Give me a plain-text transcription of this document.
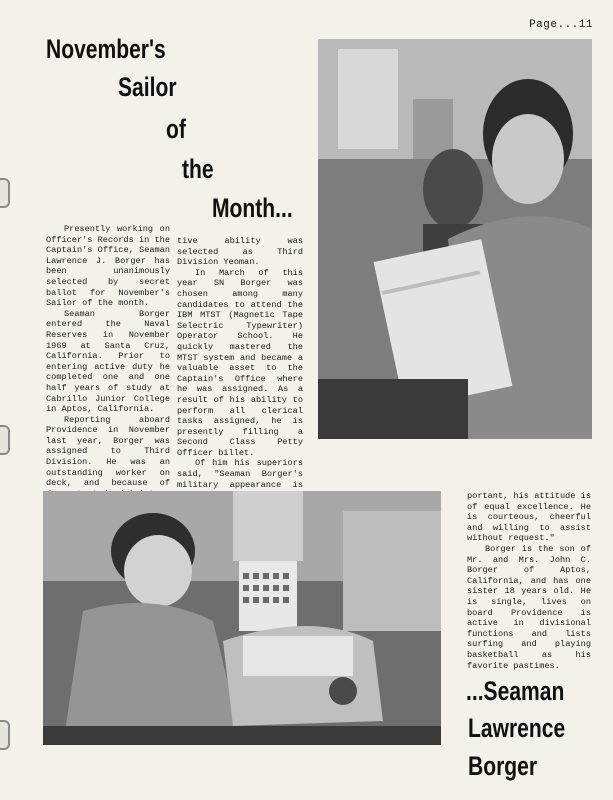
Page...11
November's
Sailor
of
the
Month...

Presently working on Officer's Records in the Captain's Office, Seaman Lawrence J. Borger has been unanimously selected by secret ballot for November's Sailor of the month.

Seaman Borger entered the Naval Reserves in November 1969 at Santa Cruz, California. Prior to entering active duty he completed one and one half years of study at Cabrillo Junior College in Aptos, California.

Reporting aboard Providence in November last year, Borger was assigned to Third Division. He was an outstanding worker on deck, and because of

tive ability was selected as Third Division Yeoman.

In March of this year SN Borger was chosen among many candidates to attend the IBM MTST (Magnetic Tape Selectric Typewriter) Operator School. He quickly mastered the MTST system and became a valuable asset to the Captain's Office where he was assigned. As a result of his ability to perform all clerical tasks assigned, he is presently filling a Second Class Petty Officer billet.

Of him his superiors said, "Seaman Borger's military appearance is

portant, his attitude is of equal excellence. He is courteous, cheerful and willing to assist without request."

Borger is the son of Mr. and Mrs. John C. Borger of Aptos, California, and has one sister 18 years old. He is single, lives on board Providence is active in divisional functions and lists surfing and playing basketball as his favorite pastimes.

...Seaman
Lawrence
Borger
